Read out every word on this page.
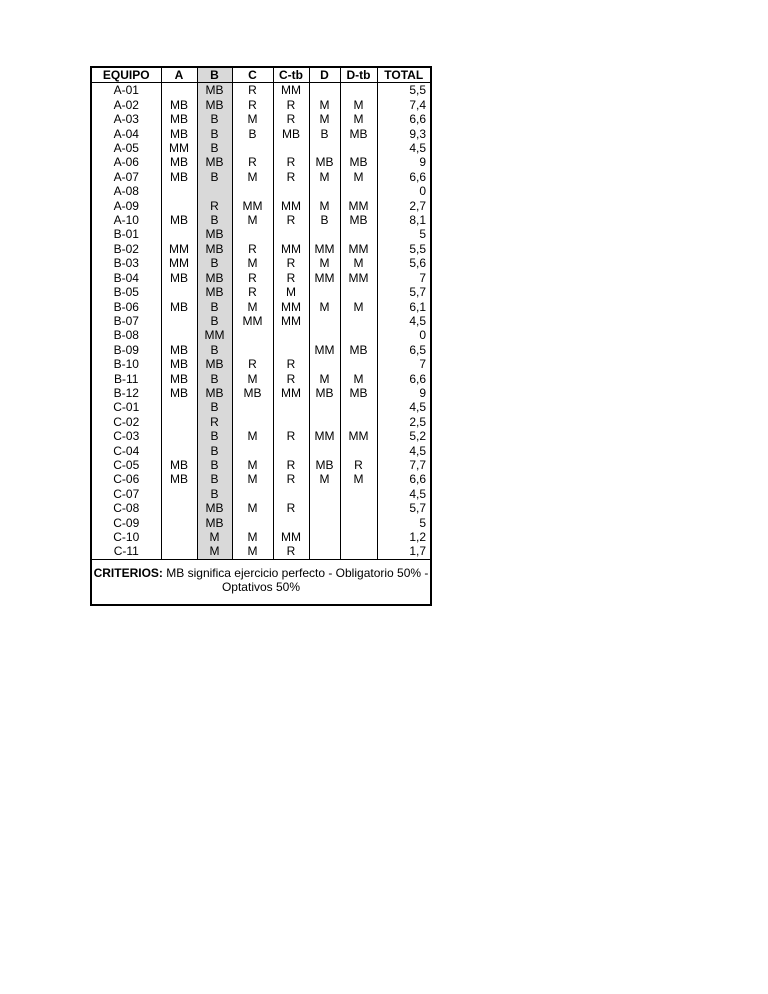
EQUIPO	A	B	C	C-tb	D	D-tb	TOTAL
A-01		MB	R	MM			5,5
A-02	MB	MB	R	R	M	M	7,4
A-03	MB	B	M	R	M	M	6,6
A-04	MB	B	B	MB	B	MB	9,3
A-05	MM	B					4,5
A-06	MB	MB	R	R	MB	MB	9
A-07	MB	B	M	R	M	M	6,6
A-08							0
A-09		R	MM	MM	M	MM	2,7
A-10	MB	B	M	R	B	MB	8,1
B-01		MB					5
B-02	MM	MB	R	MM	MM	MM	5,5
B-03	MM	B	M	R	M	M	5,6
B-04	MB	MB	R	R	MM	MM	7
B-05		MB	R	M			5,7
B-06	MB	B	M	MM	M	M	6,1
B-07		B	MM	MM			4,5
B-08		MM					0
B-09	MB	B			MM	MB	6,5
B-10	MB	MB	R	R			7
B-11	MB	B	M	R	M	M	6,6
B-12	MB	MB	MB	MM	MB	MB	9
C-01		B					4,5
C-02		R					2,5
C-03		B	M	R	MM	MM	5,2
C-04		B					4,5
C-05	MB	B	M	R	MB	R	7,7
C-06	MB	B	M	R	M	M	6,6
C-07		B					4,5
C-08		MB	M	R			5,7
C-09		MB					5
C-10		M	M	MM			1,2
C-11		M	M	R			1,7
CRITERIOS: MB significa ejercicio perfecto - Obligatorio 50% - Optativos 50%
